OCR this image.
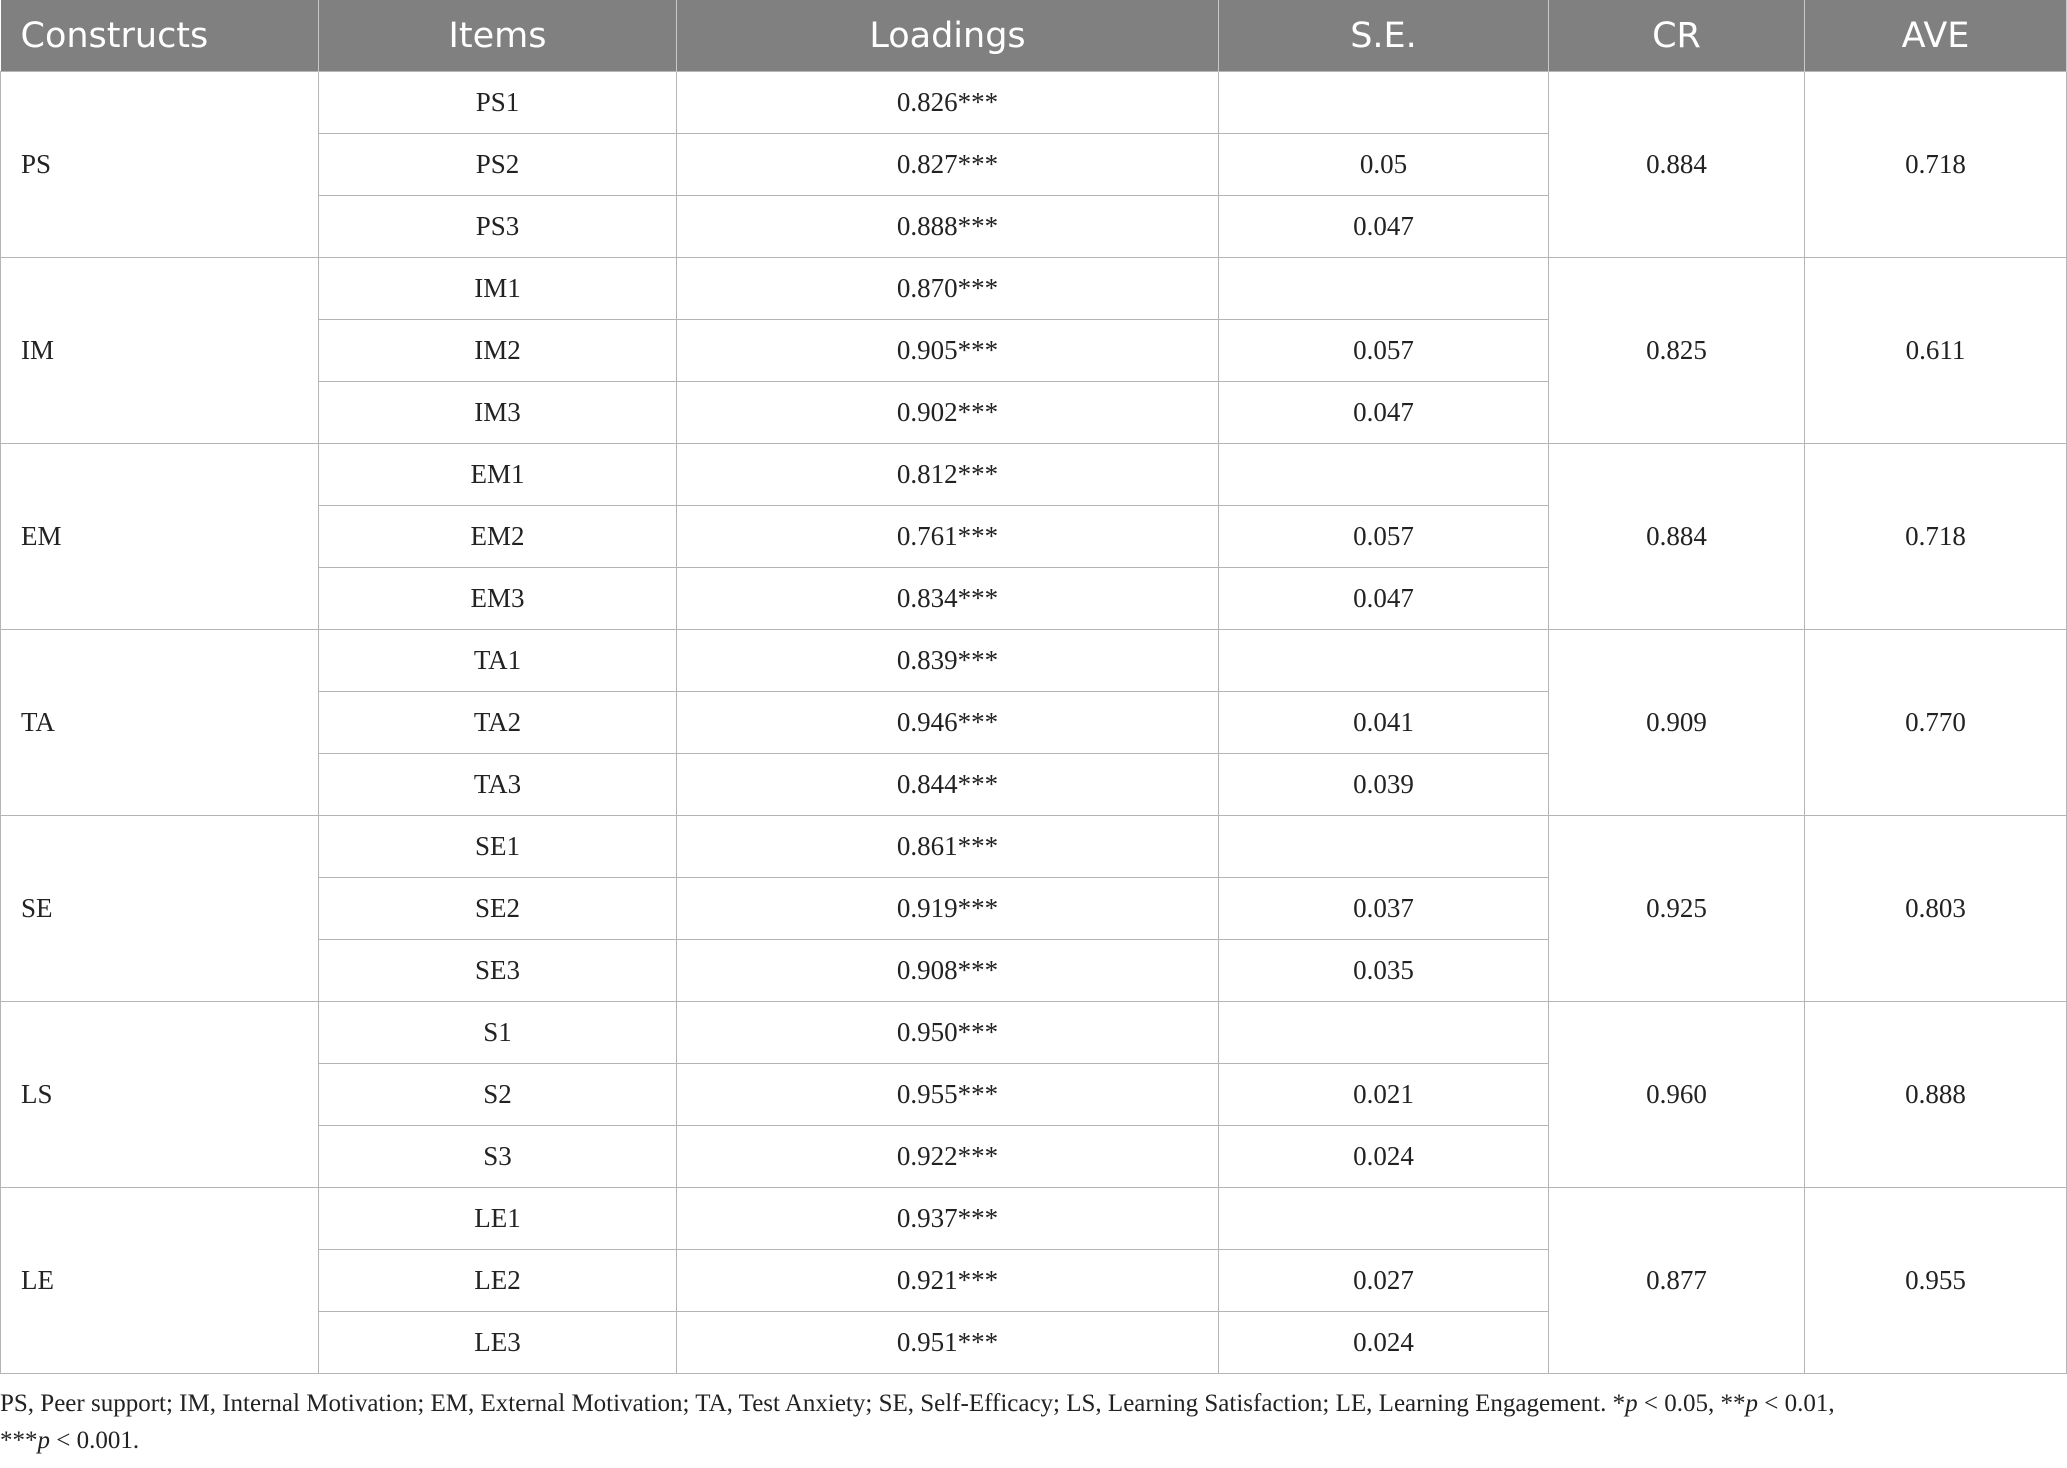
Constructs	Items	Loadings	S.E.	CR	AVE
PS	PS1	0.826***		0.884	0.718
	PS2	0.827***	0.05		
	PS3	0.888***	0.047		
IM	IM1	0.870***		0.825	0.611
	IM2	0.905***	0.057		
	IM3	0.902***	0.047		
EM	EM1	0.812***		0.884	0.718
	EM2	0.761***	0.057		
	EM3	0.834***	0.047		
TA	TA1	0.839***		0.909	0.770
	TA2	0.946***	0.041		
	TA3	0.844***	0.039		
SE	SE1	0.861***		0.925	0.803
	SE2	0.919***	0.037		
	SE3	0.908***	0.035		
LS	S1	0.950***		0.960	0.888
	S2	0.955***	0.021		
	S3	0.922***	0.024		
LE	LE1	0.937***		0.877	0.955
	LE2	0.921***	0.027		
	LE3	0.951***	0.024		
PS, Peer support; IM, Internal Motivation; EM, External Motivation; TA, Test Anxiety; SE, Self-Efficacy; LS, Learning Satisfaction; LE, Learning Engagement. *p < 0.05, **p < 0.01,
***p < 0.001.
